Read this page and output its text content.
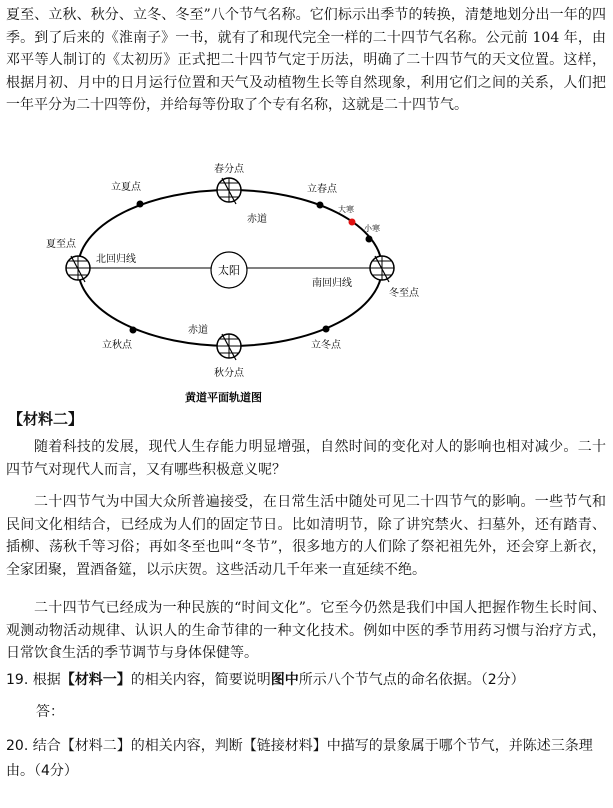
夏至、立秋、秋分、立冬、冬至”八个节气名称。它们标示出季节的转换，清楚地划分出一年的四季。到了后来的《淮南子》一书，就有了和现代完全一样的二十四节气名称。公元前 104 年，由邓平等人制订的《太初历》正式把二十四节气定于历法，明确了二十四节气的天文位置。这样，根据月初、月中的日月运行位置和天气及动植物生长等自然现象，利用它们之间的关系，人们把一年平分为二十四等份，并给每等份取了个专有名称，这就是二十四节气。
太阳
春分点
秋分点
夏至点
冬至点
立夏点
立秋点
立春点
立冬点
大寒
小寒
赤道
赤道
北回归线
南回归线
黄道平面轨道图
【材料二】
随着科技的发展，现代人生存能力明显增强，自然时间的变化对人的影响也相对减少。二十四节气对现代人而言，又有哪些积极意义呢？
二十四节气为中国大众所普遍接受，在日常生活中随处可见二十四节气的影响。一些节气和民间文化相结合，已经成为人们的固定节日。比如清明节，除了讲究禁火、扫墓外，还有踏青、插柳、荡秋千等习俗；再如冬至也叫“冬节”，很多地方的人们除了祭祀祖先外，还会穿上新衣，全家团聚，置酒备筵，以示庆贺。这些活动几千年来一直延续不绝。
二十四节气已经成为一种民族的“时间文化”。它至今仍然是我们中国人把握作物生长时间、观测动物活动规律、认识人的生命节律的一种文化技术。例如中医的季节用药习惯与治疗方式，日常饮食生活的季节调节与身体保健等。
19. 根据【材料一】的相关内容，简要说明图中所示八个节气点的命名依据。（2分）
答：
20. 结合【材料二】的相关内容，判断【链接材料】中描写的景象属于哪个节气，并陈述三条理由。（4分）
